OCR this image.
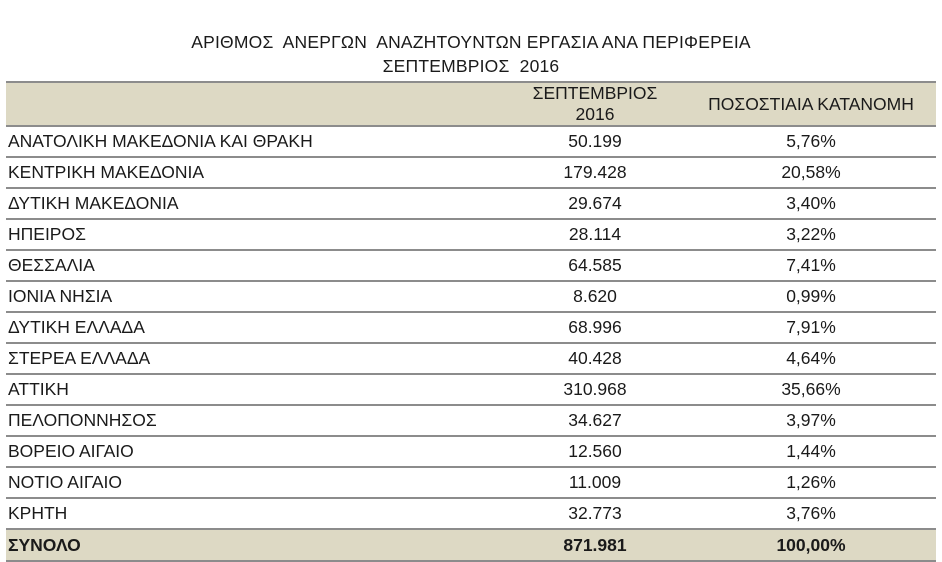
ΑΡΙΘΜΟΣ  ΑΝΕΡΓΩΝ  ΑΝΑΖΗΤΟΥΝΤΩΝ ΕΡΓΑΣΙΑ ΑΝΑ ΠΕΡΙΦΕΡΕΙΑ
ΣΕΠΤΕΜΒΡΙΟΣ  2016
	ΣΕΠΤΕΜΒΡΙΟΣ 2016	ΠΟΣΟΣΤΙΑΙΑ ΚΑΤΑΝΟΜΗ
ΑΝΑΤΟΛΙΚΗ ΜΑΚΕΔΟΝΙΑ ΚΑΙ ΘΡΑΚΗ	50.199	5,76%
ΚΕΝΤΡΙΚΗ ΜΑΚΕΔΟΝΙΑ	179.428	20,58%
ΔΥΤΙΚΗ ΜΑΚΕΔΟΝΙΑ	29.674	3,40%
ΗΠΕΙΡΟΣ	28.114	3,22%
ΘΕΣΣΑΛΙΑ	64.585	7,41%
ΙΟΝΙΑ ΝΗΣΙΑ	8.620	0,99%
ΔΥΤΙΚΗ ΕΛΛΑΔΑ	68.996	7,91%
ΣΤΕΡΕΑ ΕΛΛΑΔΑ	40.428	4,64%
ΑΤΤΙΚΗ	310.968	35,66%
ΠΕΛΟΠΟΝΝΗΣΟΣ	34.627	3,97%
ΒΟΡΕΙΟ ΑΙΓΑΙΟ	12.560	1,44%
ΝΟΤΙΟ ΑΙΓΑΙΟ	11.009	1,26%
ΚΡΗΤΗ	32.773	3,76%
ΣΥΝΟΛΟ	871.981	100,00%
